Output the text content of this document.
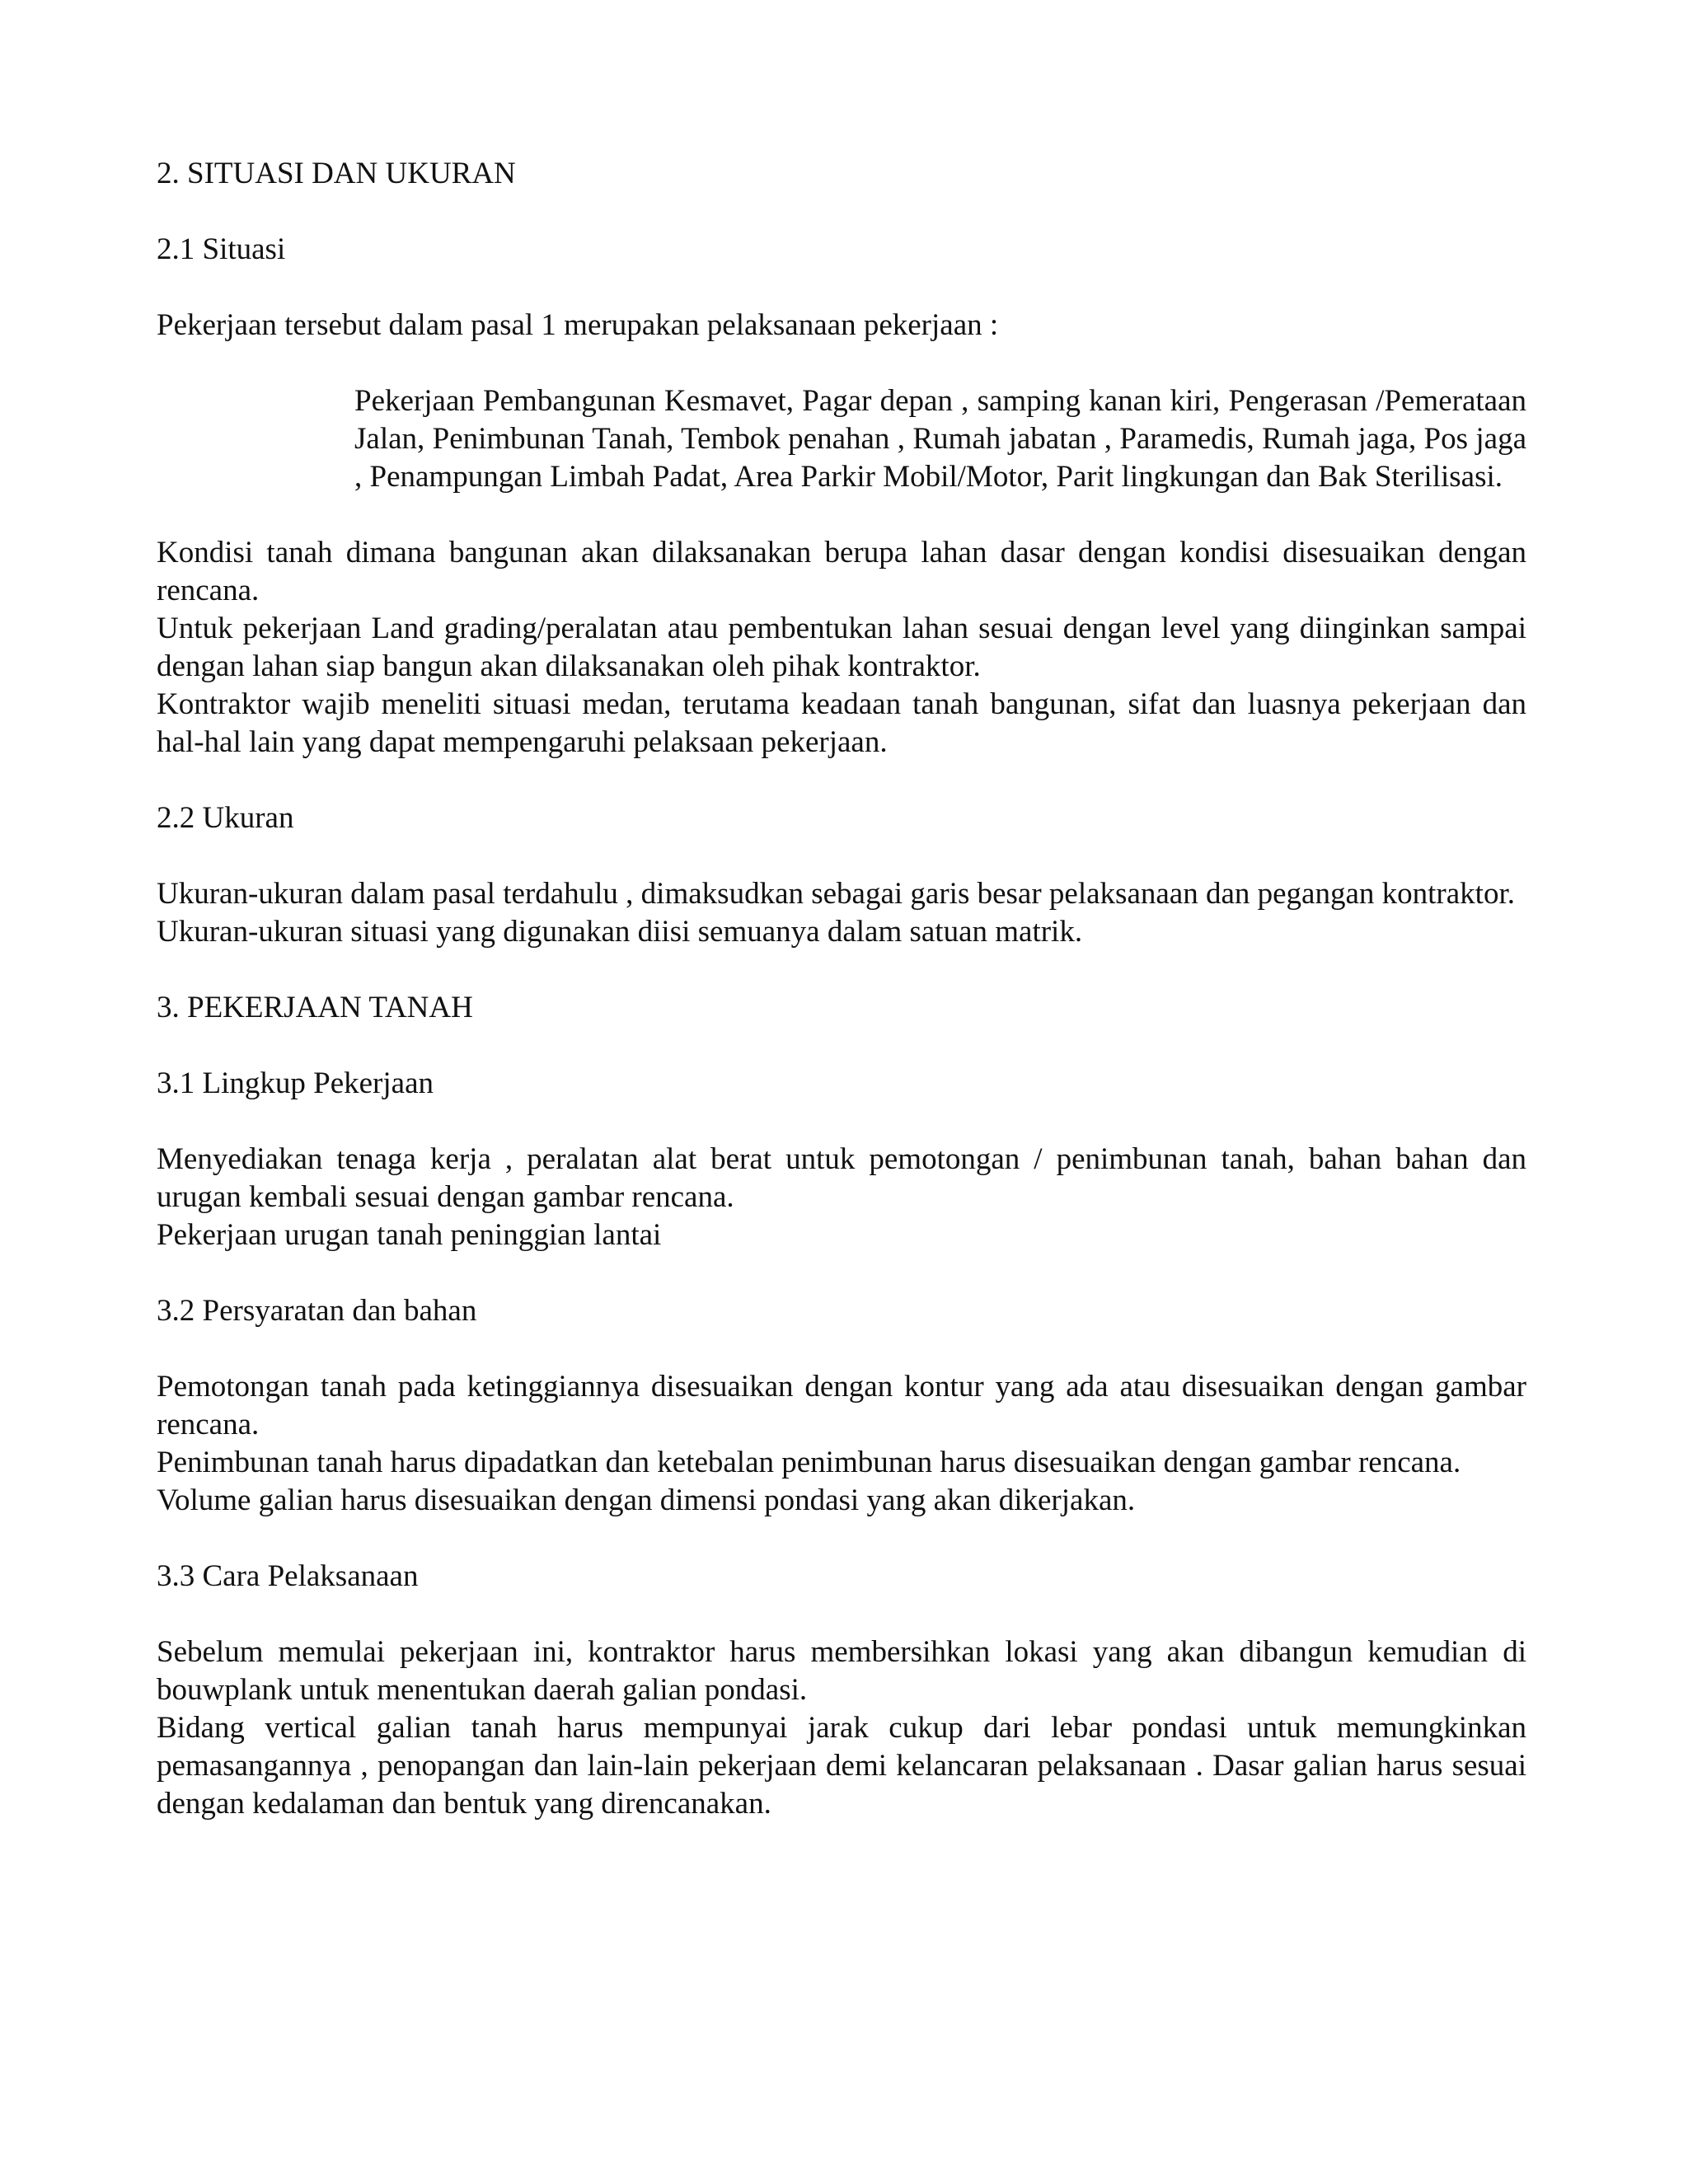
2. SITUASI DAN UKURAN
2.1 Situasi

Pekerjaan tersebut dalam pasal 1 merupakan pelaksanaan pekerjaan :

Pekerjaan Pembangunan Kesmavet, Pagar depan , samping kanan kiri, Pengerasan /Pemerataan Jalan, Penimbunan Tanah, Tembok penahan , Rumah jabatan , Paramedis, Rumah jaga, Pos jaga , Penampungan Limbah Padat, Area Parkir Mobil/Motor, Parit lingkungan dan Bak Sterilisasi.

Kondisi tanah dimana bangunan akan dilaksanakan berupa lahan dasar dengan kondisi disesuaikan dengan rencana.

Untuk pekerjaan Land grading/peralatan atau pembentukan lahan sesuai dengan level yang diinginkan sampai dengan lahan siap bangun akan dilaksanakan oleh pihak kontraktor.

Kontraktor wajib meneliti situasi medan, terutama keadaan tanah bangunan, sifat dan luasnya pekerjaan dan hal-hal lain yang dapat mempengaruhi pelaksaan pekerjaan.

2.2 Ukuran

Ukuran-ukuran dalam pasal terdahulu , dimaksudkan sebagai garis besar pelaksanaan dan pegangan kontraktor.

Ukuran-ukuran situasi yang digunakan diisi semuanya dalam satuan matrik.

3. PEKERJAAN TANAH
3.1 Lingkup Pekerjaan

Menyediakan tenaga kerja , peralatan alat berat untuk pemotongan / penimbunan tanah, bahan bahan dan urugan kembali sesuai dengan gambar rencana.

Pekerjaan urugan tanah peninggian lantai

3.2 Persyaratan dan bahan

Pemotongan tanah pada ketinggiannya disesuaikan dengan kontur yang ada atau disesuaikan dengan gambar rencana.

Penimbunan tanah harus dipadatkan dan ketebalan penimbunan harus disesuaikan dengan gambar rencana.

Volume galian harus disesuaikan dengan dimensi pondasi yang akan dikerjakan.

3.3 Cara Pelaksanaan

Sebelum memulai pekerjaan ini, kontraktor harus membersihkan lokasi yang akan dibangun kemudian di bouwplank untuk menentukan daerah galian pondasi.

Bidang vertical galian tanah harus mempunyai jarak cukup dari lebar pondasi untuk memungkinkan pemasangannya , penopangan dan lain-lain pekerjaan demi kelancaran pelaksanaan . Dasar galian harus sesuai dengan kedalaman dan bentuk yang direncanakan.
